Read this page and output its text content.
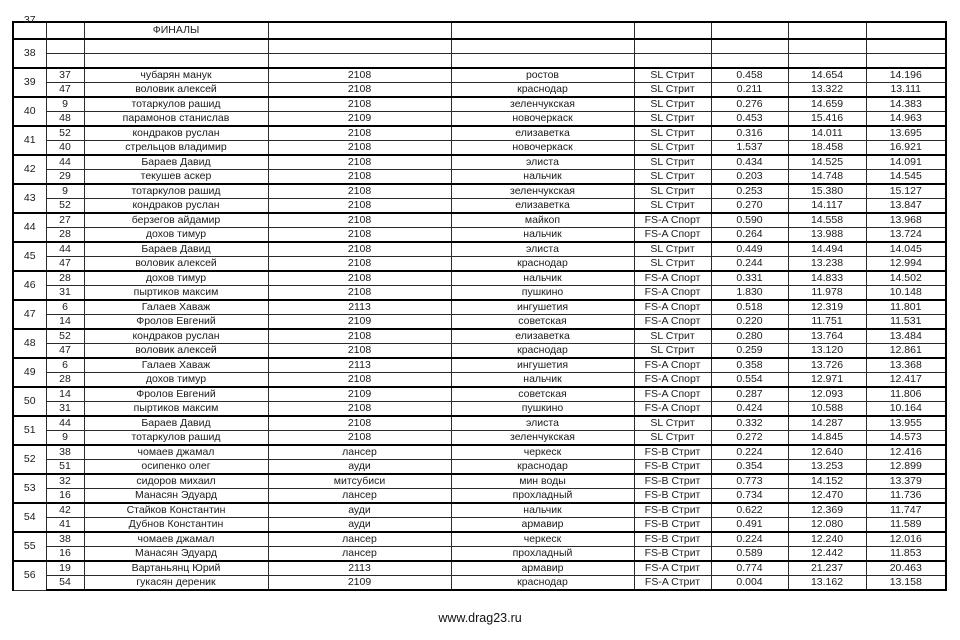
37		ФИНАЛЫ						
38								

39	37	чубарян манук	2108	ростов	SL Стрит	0.458	14.654	14.196
	47	воловик алексей	2108	краснодар	SL Стрит	0.211	13.322	13.111
40	9	тотаркулов рашид	2108	зеленчукская	SL Стрит	0.276	14.659	14.383
	48	парамонов станислав	2109	новочеркаск	SL Стрит	0.453	15.416	14.963
41	52	кондраков руслан	2108	елизаветка	SL Стрит	0.316	14.011	13.695
	40	стрельцов владимир	2108	новочеркаск	SL Стрит	1.537	18.458	16.921
42	44	Бараев Давид	2108	элиста	SL Стрит	0.434	14.525	14.091
	29	текушев аскер	2108	нальчик	SL Стрит	0.203	14.748	14.545
43	9	тотаркулов рашид	2108	зеленчукская	SL Стрит	0.253	15.380	15.127
	52	кондраков руслан	2108	елизаветка	SL Стрит	0.270	14.117	13.847
44	27	берзегов айдамир	2108	майкоп	FS-A Спорт	0.590	14.558	13.968
	28	дохов тимур	2108	нальчик	FS-A Спорт	0.264	13.988	13.724
45	44	Бараев Давид	2108	элиста	SL Стрит	0.449	14.494	14.045
	47	воловик алексей	2108	краснодар	SL Стрит	0.244	13.238	12.994
46	28	дохов тимур	2108	нальчик	FS-A Спорт	0.331	14.833	14.502
	31	пыртиков максим	2108	пушкино	FS-A Спорт	1.830	11.978	10.148
47	6	Галаев Хаваж	2113	ингушетия	FS-A Спорт	0.518	12.319	11.801
	14	Фролов Евгений	2109	советская	FS-A Спорт	0.220	11.751	11.531
48	52	кондраков руслан	2108	елизаветка	SL Стрит	0.280	13.764	13.484
	47	воловик алексей	2108	краснодар	SL Стрит	0.259	13.120	12.861
49	6	Галаев Хаваж	2113	ингушетия	FS-A Спорт	0.358	13.726	13.368
	28	дохов тимур	2108	нальчик	FS-A Спорт	0.554	12.971	12.417
50	14	Фролов Евгений	2109	советская	FS-A Спорт	0.287	12.093	11.806
	31	пыртиков максим	2108	пушкино	FS-A Спорт	0.424	10.588	10.164
51	44	Бараев Давид	2108	элиста	SL Стрит	0.332	14.287	13.955
	9	тотаркулов рашид	2108	зеленчукская	SL Стрит	0.272	14.845	14.573
52	38	чомаев джамал	лансер	черкеск	FS-B Стрит	0.224	12.640	12.416
	51	осипенко олег	ауди	краснодар	FS-B Стрит	0.354	13.253	12.899
53	32	сидоров михаил	митсубиси	мин воды	FS-B Стрит	0.773	14.152	13.379
	16	Манасян Эдуард	лансер	прохладный	FS-B Стрит	0.734	12.470	11.736
54	42	Стайков Константин	ауди	нальчик	FS-B Стрит	0.622	12.369	11.747
	41	Дубнов Константин	ауди	армавир	FS-B Стрит	0.491	12.080	11.589
55	38	чомаев джамал	лансер	черкеск	FS-B Стрит	0.224	12.240	12.016
	16	Манасян Эдуард	лансер	прохладный	FS-B Стрит	0.589	12.442	11.853
56	19	Вартаньянц Юрий	2113	армавир	FS-A Стрит	0.774	21.237	20.463
	54	гукасян дереник	2109	краснодар	FS-A Стрит	0.004	13.162	13.158
www.drag23.ru
